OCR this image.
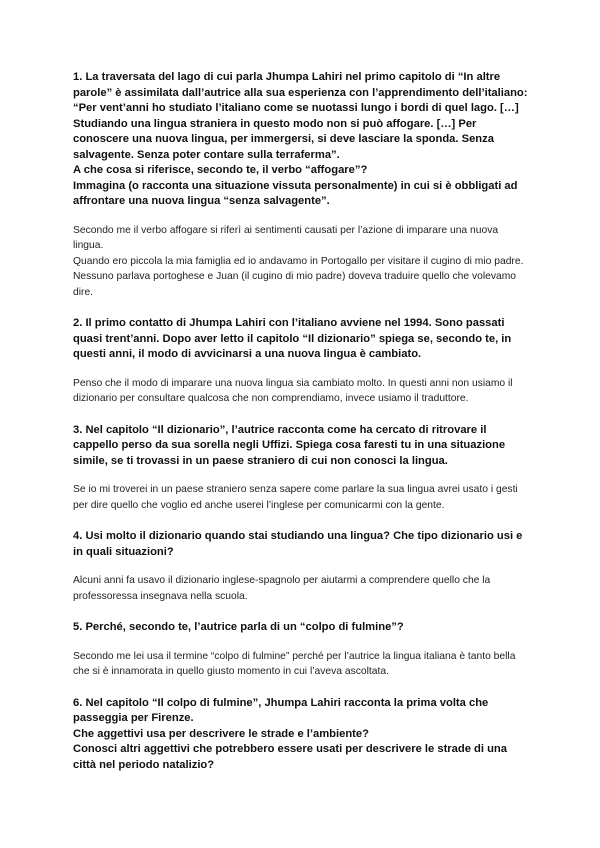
1. La traversata del lago di cui parla Jhumpa Lahiri nel primo capitolo di “In altre parole” è assimilata dall’autrice alla sua esperienza con l’apprendimento dell’italiano: “Per vent’anni ho studiato l’italiano come se nuotassi lungo i bordi di quel lago. […] Studiando una lingua straniera in questo modo non si può affogare. […] Per conoscere una nuova lingua, per immergersi, si deve lasciare la sponda. Senza salvagente. Senza poter contare sulla terraferma”.

A che cosa si riferisce, secondo te, il verbo “affogare”?

Immagina (o racconta una situazione vissuta personalmente) in cui si è obbligati ad affrontare una nuova lingua “senza salvagente”.

Secondo me il verbo affogare si riferì ai sentimenti causati per l’azione di imparare una nuova lingua.

Quando ero piccola la mia famiglia ed io andavamo in Portogallo per visitare il cugino di mio padre. Nessuno parlava portoghese e Juan (il cugino di mio padre) doveva traduire quello che volevamo dire.

2. Il primo contatto di Jhumpa Lahiri con l’italiano avviene nel 1994. Sono passati quasi trent’anni. Dopo aver letto il capitolo “Il dizionario” spiega se, secondo te, in questi anni, il modo di avvicinarsi a una nuova lingua è cambiato.

Penso che il modo di imparare una nuova lingua sia cambiato molto. In questi anni non usiamo il dizionario per consultare qualcosa che non comprendiamo, invece usiamo il traduttore.

3. Nel capitolo “Il dizionario”, l’autrice racconta come ha cercato di ritrovare il cappello perso da sua sorella negli Uffizi. Spiega cosa faresti tu in una situazione simile, se ti trovassi in un paese straniero di cui non conosci la lingua.

Se io mi troverei in un paese straniero senza sapere come parlare la sua lingua avrei usato i gesti per dire quello che voglio ed anche userei l’inglese per comunicarmi con la gente.

4. Usi molto il dizionario quando stai studiando una lingua? Che tipo dizionario usi e in quali situazioni?

Alcuni anni fa usavo il dizionario inglese-spagnolo per aiutarmi a comprendere quello che la professoressa insegnava nella scuola.

5. Perché, secondo te, l’autrice parla di un “colpo di fulmine”?

Secondo me lei usa il termine “colpo di fulmine” perché per l’autrice la lingua italiana è tanto bella che si è innamorata in quello giusto momento in cui l’aveva ascoltata.

6. Nel capitolo “Il colpo di fulmine”, Jhumpa Lahiri racconta la prima volta che passeggia per Firenze.

Che aggettivi usa per descrivere le strade e l’ambiente?

Conosci altri aggettivi che potrebbero essere usati per descrivere le strade di una città nel periodo natalizio?
